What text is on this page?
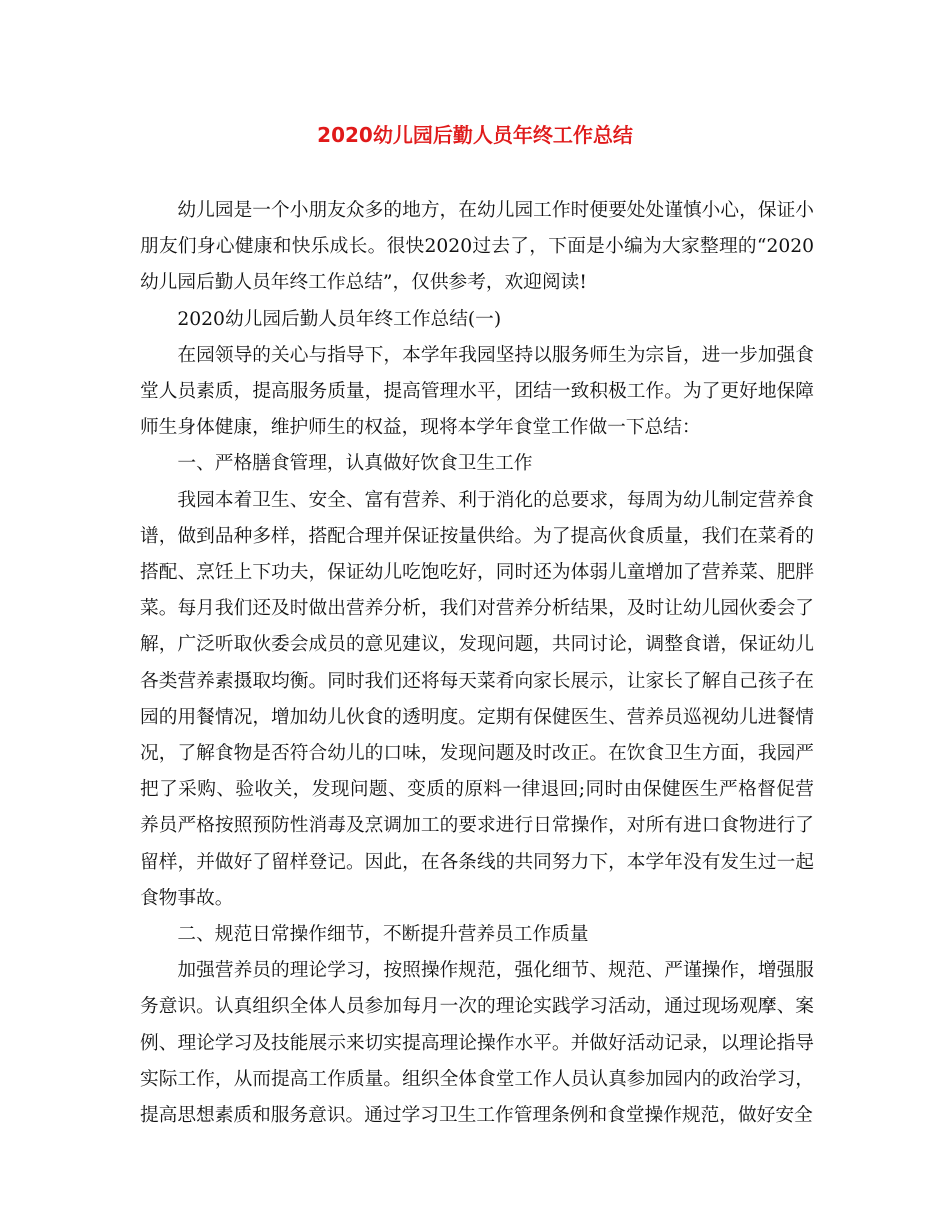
2020幼儿园后勤人员年终工作总结

幼儿园是一个小朋友众多的地方，在幼儿园工作时便要处处谨慎小心，保证小朋友们身心健康和快乐成长。很快2020过去了，下面是小编为大家整理的“2020幼儿园后勤人员年终工作总结”，仅供参考，欢迎阅读!

2020幼儿园后勤人员年终工作总结(一)

在园领导的关心与指导下，本学年我园坚持以服务师生为宗旨，进一步加强食堂人员素质，提高服务质量，提高管理水平，团结一致积极工作。为了更好地保障师生身体健康，维护师生的权益，现将本学年食堂工作做一下总结：

一、严格膳食管理，认真做好饮食卫生工作

我园本着卫生、安全、富有营养、利于消化的总要求，每周为幼儿制定营养食谱，做到品种多样，搭配合理并保证按量供给。为了提高伙食质量，我们在菜肴的搭配、烹饪上下功夫，保证幼儿吃饱吃好，同时还为体弱儿童增加了营养菜、肥胖菜。每月我们还及时做出营养分析，我们对营养分析结果，及时让幼儿园伙委会了解，广泛听取伙委会成员的意见建议，发现问题，共同讨论，调整食谱，保证幼儿各类营养素摄取均衡。同时我们还将每天菜肴向家长展示，让家长了解自己孩子在园的用餐情况，增加幼儿伙食的透明度。定期有保健医生、营养员巡视幼儿进餐情况，了解食物是否符合幼儿的口味，发现问题及时改正。在饮食卫生方面，我园严把了采购、验收关，发现问题、变质的原料一律退回;同时由保健医生严格督促营养员严格按照预防性消毒及烹调加工的要求进行日常操作，对所有进口食物进行了留样，并做好了留样登记。因此，在各条线的共同努力下，本学年没有发生过一起食物事故。

二、规范日常操作细节，不断提升营养员工作质量

加强营养员的理论学习，按照操作规范，强化细节、规范、严谨操作，增强服务意识。认真组织全体人员参加每月一次的理论实践学习活动，通过现场观摩、案例、理论学习及技能展示来切实提高理论操作水平。并做好活动记录，以理论指导实际工作，从而提高工作质量。组织全体食堂工作人员认真参加园内的政治学习，提高思想素质和服务意识。通过学习卫生工作管理条例和食堂操作规范，做好安全
